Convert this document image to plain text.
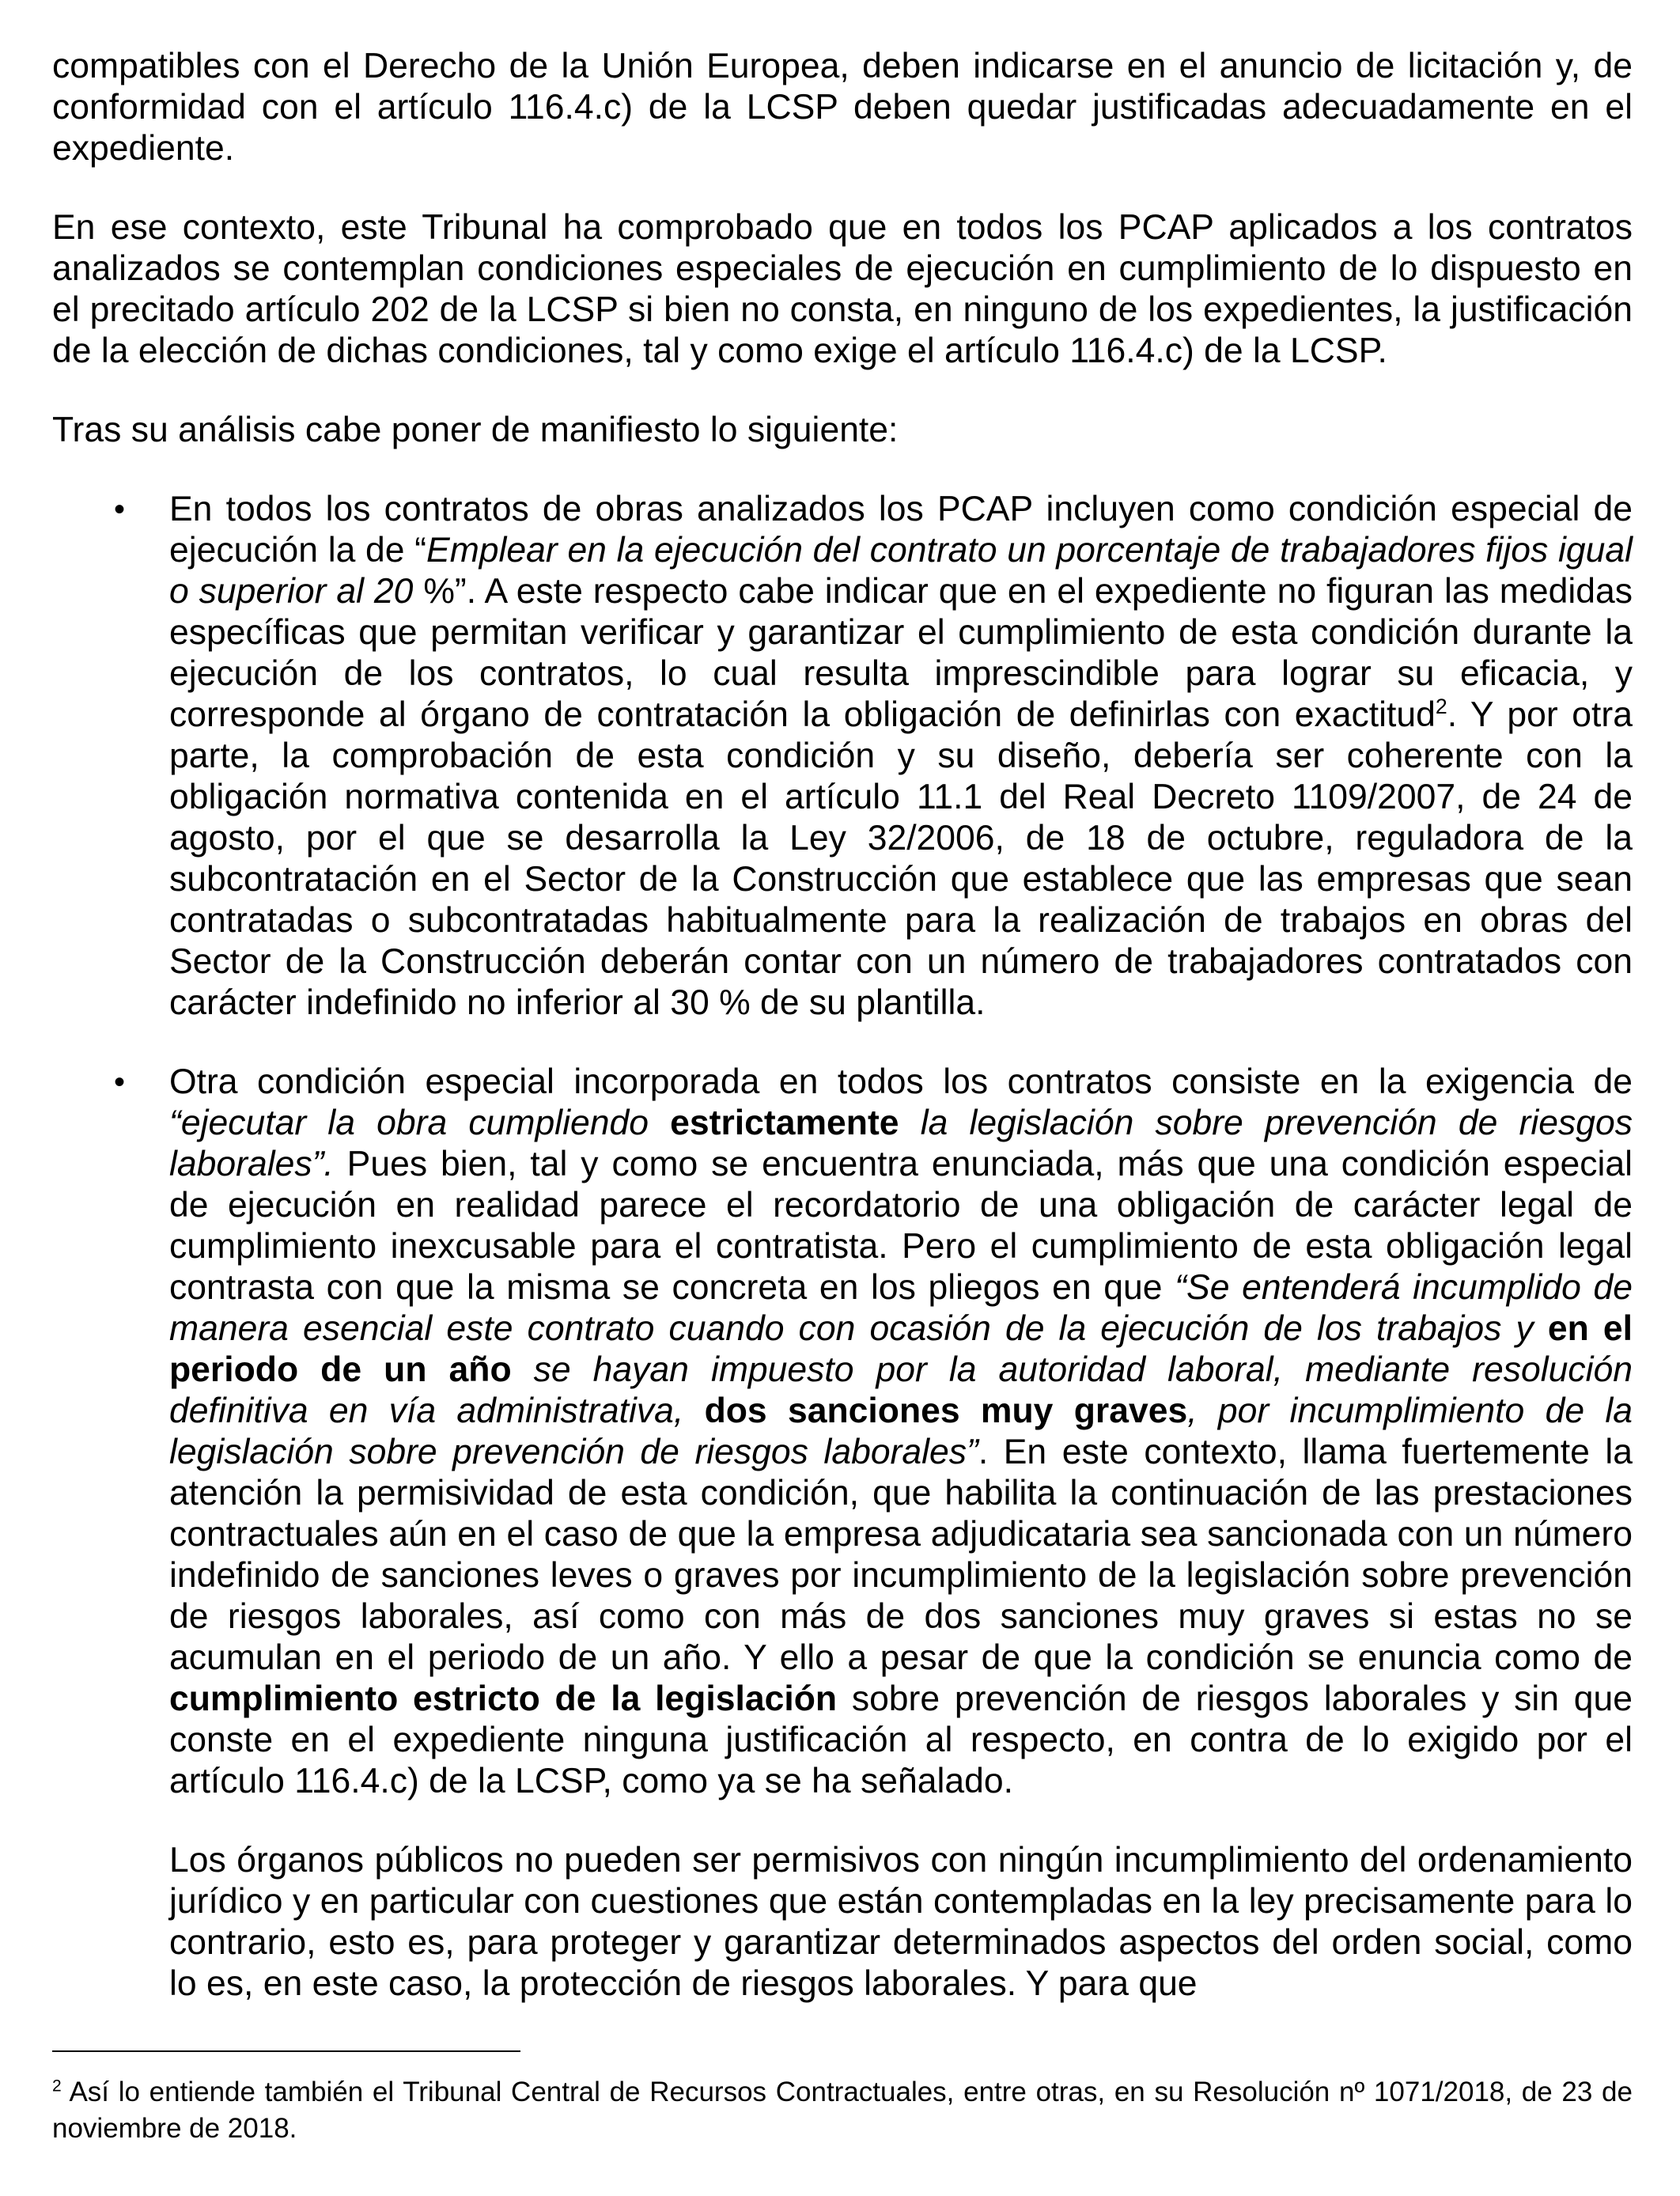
compatibles con el Derecho de la Unión Europea, deben indicarse en el anuncio de licitación y, de conformidad con el artículo 116.4.c) de la LCSP deben quedar justificadas adecuadamente en el expediente.

En ese contexto, este Tribunal ha comprobado que en todos los PCAP aplicados a los contratos analizados se contemplan condiciones especiales de ejecución en cumplimiento de lo dispuesto en el precitado artículo 202 de la LCSP si bien no consta, en ninguno de los expedientes, la justificación de la elección de dichas condiciones, tal y como exige el artículo 116.4.c) de la LCSP.

Tras su análisis cabe poner de manifiesto lo siguiente:

• En todos los contratos de obras analizados los PCAP incluyen como condición especial de ejecución la de “Emplear en la ejecución del contrato un porcentaje de trabajadores fijos igual o superior al 20 %”. A este respecto cabe indicar que en el expediente no figuran las medidas específicas que permitan verificar y garantizar el cumplimiento de esta condición durante la ejecución de los contratos, lo cual resulta imprescindible para lograr su eficacia, y corresponde al órgano de contratación la obligación de definirlas con exactitud$^2$. Y por otra parte, la comprobación de esta condición y su diseño, debería ser coherente con la obligación normativa contenida en el artículo 11.1 del Real Decreto 1109/2007, de 24 de agosto, por el que se desarrolla la Ley 32/2006, de 18 de octubre, reguladora de la subcontratación en el Sector de la Construcción que establece que las empresas que sean contratadas o subcontratadas habitualmente para la realización de trabajos en obras del Sector de la Construcción deberán contar con un número de trabajadores contratados con carácter indefinido no inferior al 30 % de su plantilla.

• Otra condición especial incorporada en todos los contratos consiste en la exigencia de “ejecutar la obra cumpliendo estrictamente la legislación sobre prevención de riesgos laborales”. Pues bien, tal y como se encuentra enunciada, más que una condición especial de ejecución en realidad parece el recordatorio de una obligación de carácter legal de cumplimiento inexcusable para el contratista. Pero el cumplimiento de esta obligación legal contrasta con que la misma se concreta en los pliegos en que “Se entenderá incumplido de manera esencial este contrato cuando con ocasión de la ejecución de los trabajos y en el periodo de un año se hayan impuesto por la autoridad laboral, mediante resolución definitiva en vía administrativa, dos sanciones muy graves, por incumplimiento de la legislación sobre prevención de riesgos laborales”. En este contexto, llama fuertemente la atención la permisividad de esta condición, que habilita la continuación de las prestaciones contractuales aún en el caso de que la empresa adjudicataria sea sancionada con un número indefinido de sanciones leves o graves por incumplimiento de la legislación sobre prevención de riesgos laborales, así como con más de dos sanciones muy graves si estas no se acumulan en el periodo de un año. Y ello a pesar de que la condición se enuncia como de cumplimiento estricto de la legislación sobre prevención de riesgos laborales y sin que conste en el expediente ninguna justificación al respecto, en contra de lo exigido por el artículo 116.4.c) de la LCSP, como ya se ha señalado.

Los órganos públicos no pueden ser permisivos con ningún incumplimiento del ordenamiento jurídico y en particular con cuestiones que están contempladas en la ley precisamente para lo contrario, esto es, para proteger y garantizar determinados aspectos del orden social, como lo es, en este caso, la protección de riesgos laborales. Y para que

$^2$ Así lo entiende también el Tribunal Central de Recursos Contractuales, entre otras, en su Resolución nº 1071/2018, de 23 de noviembre de 2018.
